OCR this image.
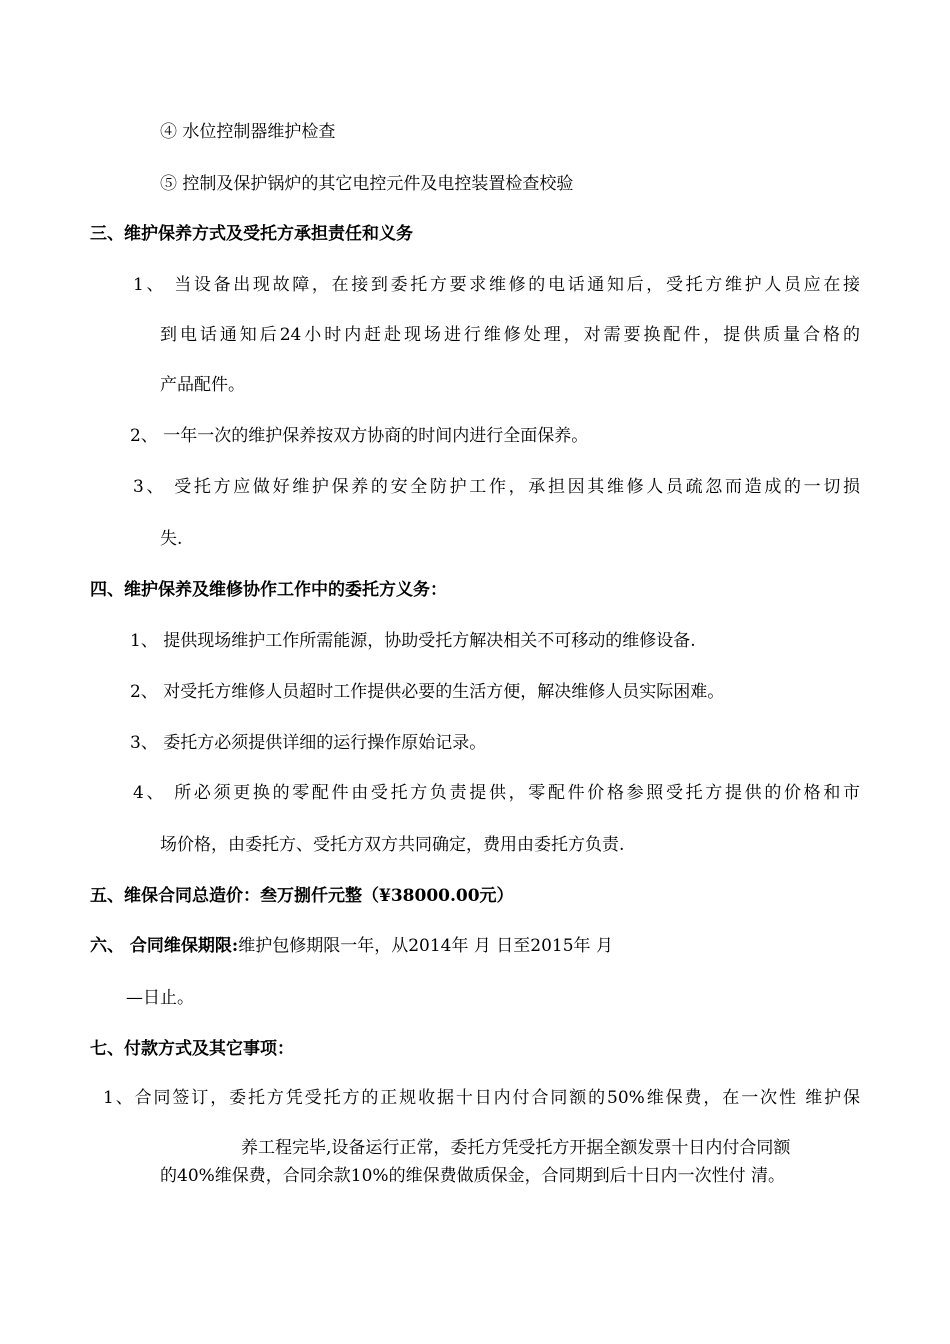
④ 水位控制器维护检查
⑤ 控制及保护锅炉的其它电控元件及电控装置检查校验
三、维护保养方式及受托方承担责任和义务
1、 当设备出现故障，在接到委托方要求维修的电话通知后，受托方维护人员应在接
到电话通知后24小时内赶赴现场进行维修处理，对需要换配件，提供质量合格的
产品配件。
2、 一年一次的维护保养按双方协商的时间内进行全面保养。
3、 受托方应做好维护保养的安全防护工作，承担因其维修人员疏忽而造成的一切损
失.
四、维护保养及维修协作工作中的委托方义务：
1、 提供现场维护工作所需能源，协助受托方解决相关不可移动的维修设备.
2、 对受托方维修人员超时工作提供必要的生活方便，解决维修人员实际困难。
3、 委托方必须提供详细的运行操作原始记录。
4、 所必须更换的零配件由受托方负责提供，零配件价格参照受托方提供的价格和市
场价格，由委托方、受托方双方共同确定，费用由委托方负责.
五、维保合同总造价：叁万捌仟元整（¥38000.00元）
六、 合同维保期限:维护包修期限一年，从2014年 月 日至2015年 月
—日止。
七、付款方式及其它事项：
1、合同签订，委托方凭受托方的正规收据十日内付合同额的50%维保费，在一次性 维护保
养工程完毕,设备运行正常，委托方凭受托方开据全额发票十日内付合同额
的40%维保费，合同余款10%的维保费做质保金，合同期到后十日内一次性付 清。
